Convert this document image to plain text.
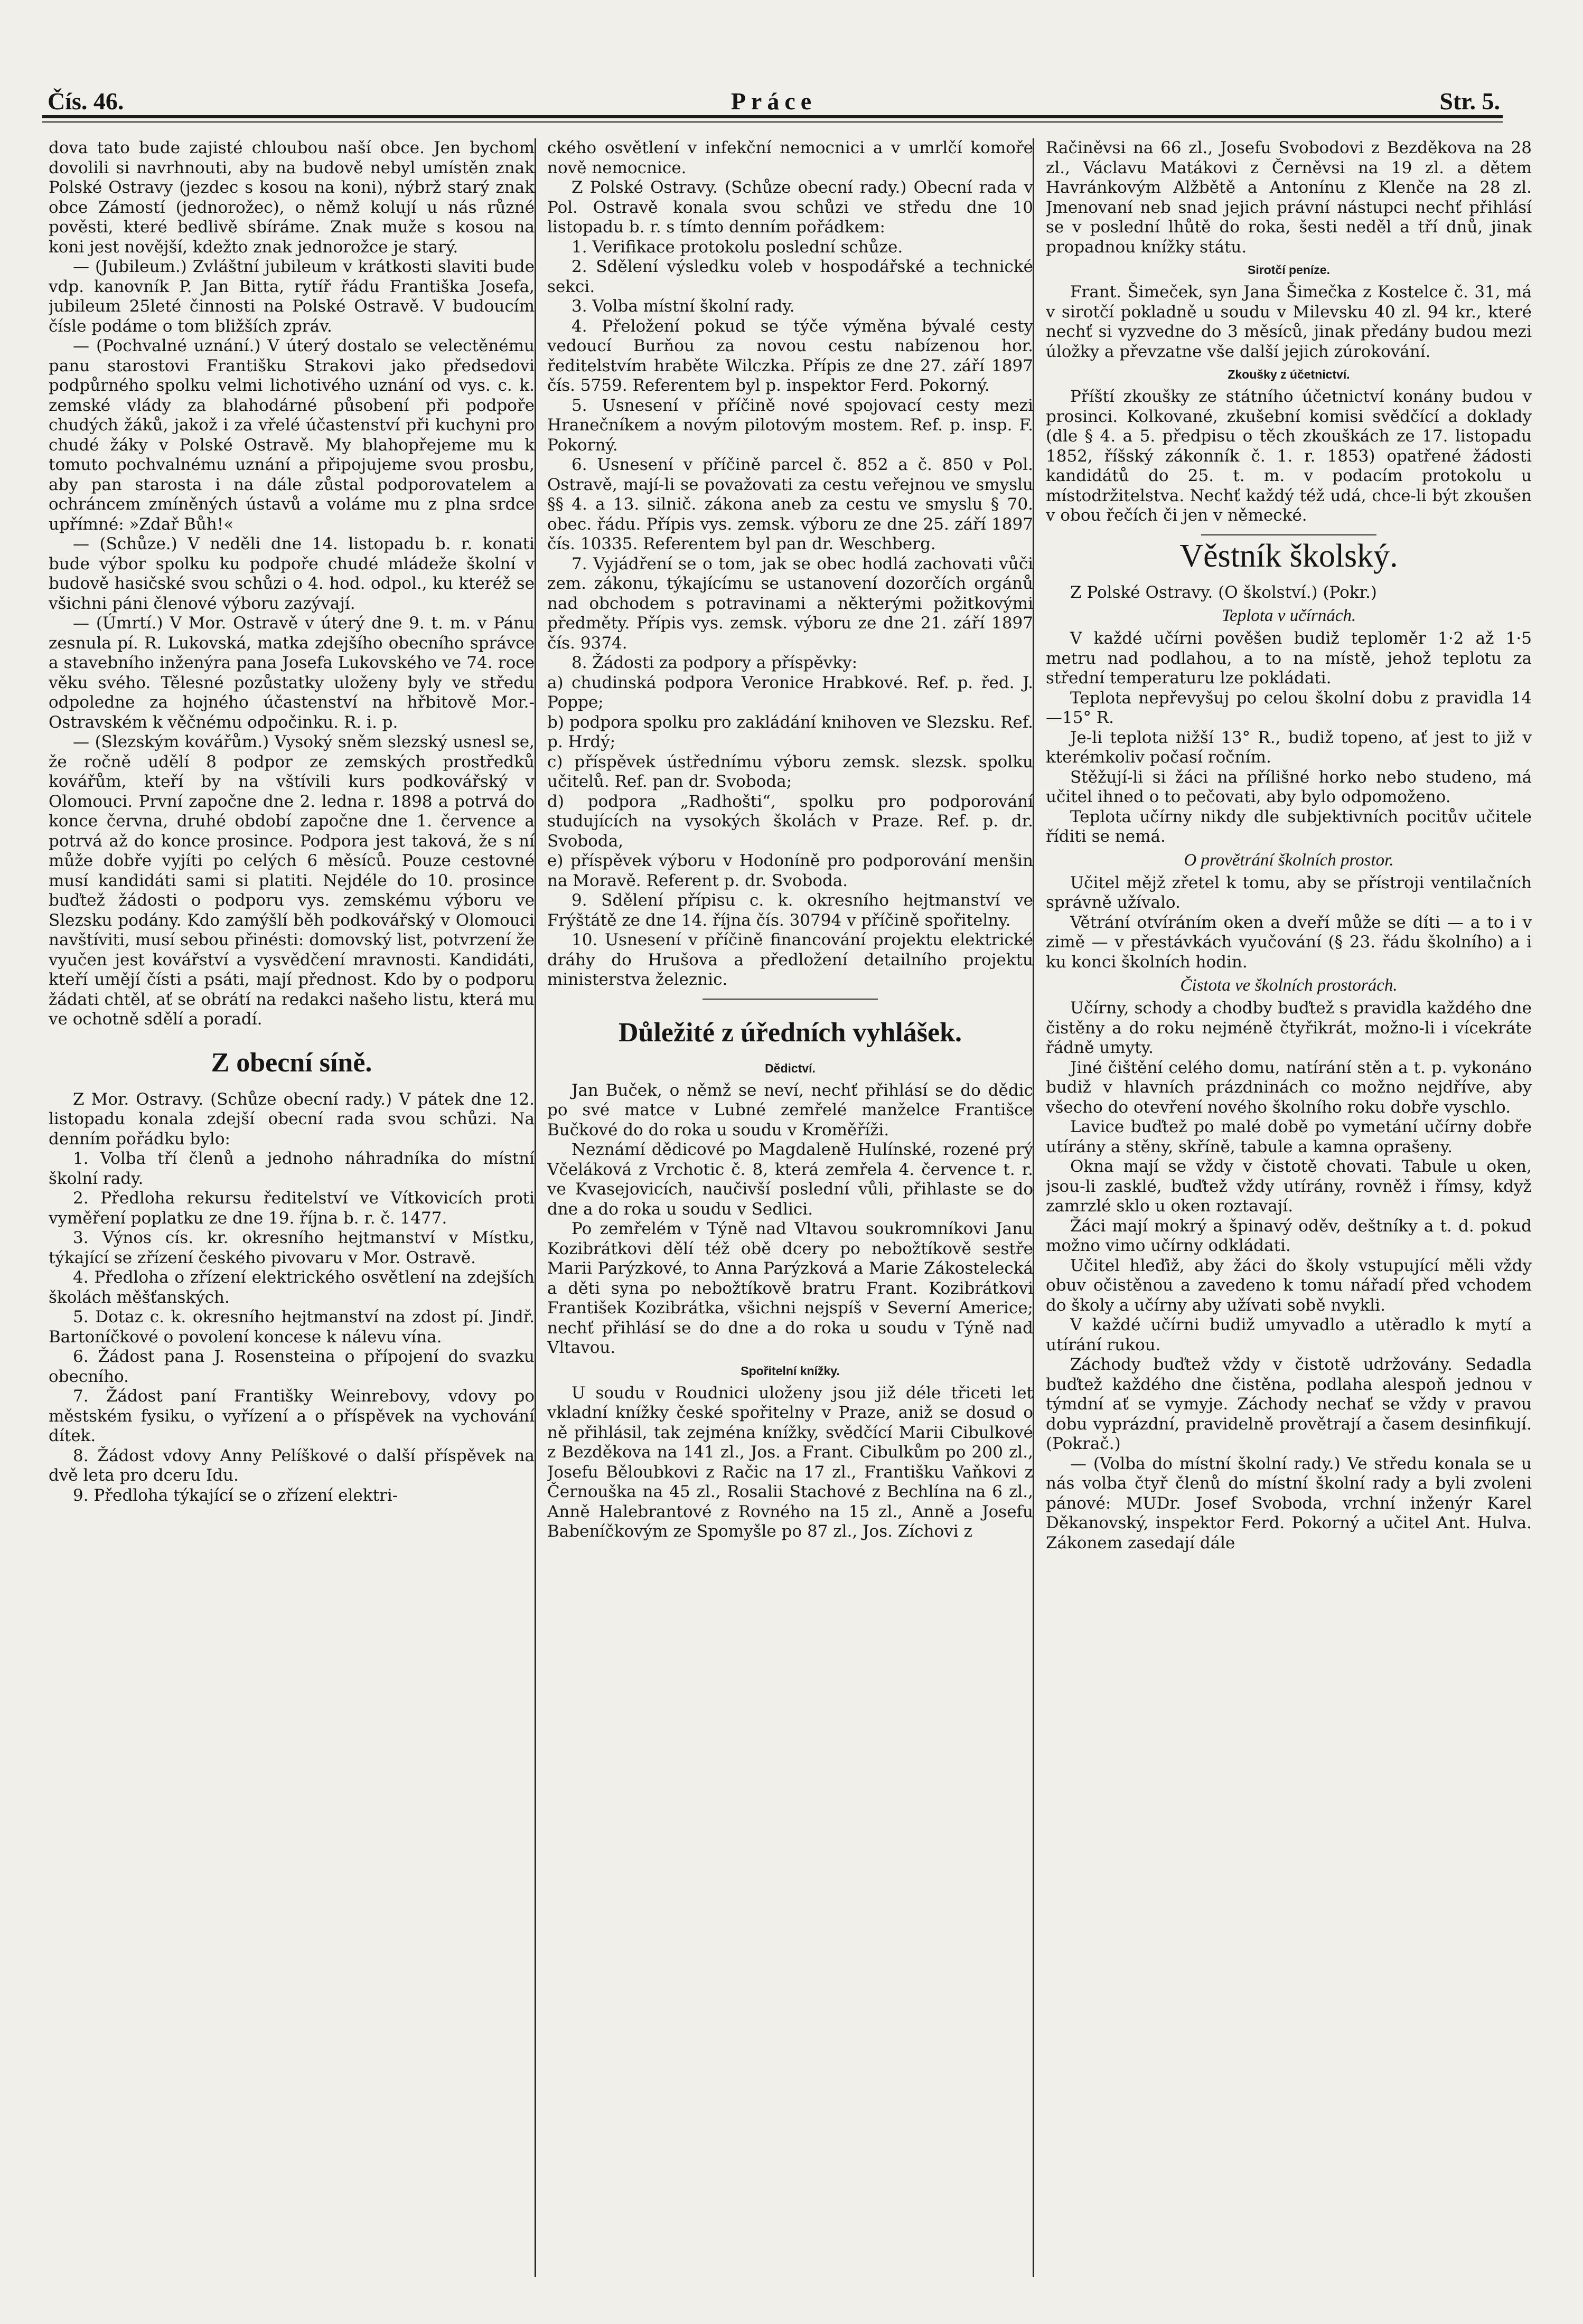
Čís. 46.	Práce	Str. 5.

dova tato bude zajisté chloubou naší obce. Jen bychom dovolili si navrhnouti, aby na budově nebyl umístěn znak Polské Ostravy (jezdec s kosou na koni), nýbrž starý znak obce Zámostí (jednorožec), o němž kolují u nás různé pověsti, které bedlivě sbíráme. Znak muže s kosou na koni jest novější, kdežto znak jednorožce je starý.

— (Jubileum.) Zvláštní jubileum v krátkosti slaviti bude vdp. kanovník P. Jan Bitta, rytíř řádu Františka Josefa, jubileum 25leté činnosti na Polské Ostravě. V budoucím čísle podáme o tom bližších zpráv.

— (Pochvalné uznání.) V úterý dostalo se velectěnému panu starostovi Františku Strakovi jako předsedovi podpůrného spolku velmi lichotivého uznání od vys. c. k. zemské vlády za blahodárné působení při podpoře chudých žáků, jakož i za vřelé účastenství při kuchyni pro chudé žáky v Polské Ostravě. My blahopřejeme mu k tomuto pochvalnému uznání a připojujeme svou prosbu, aby pan starosta i na dále zůstal podporovatelem a ochráncem zmíněných ústavů a voláme mu z plna srdce upřímné: »Zdař Bůh!«

— (Schůze.) V neděli dne 14. listopadu b. r. konati bude výbor spolku ku podpoře chudé mládeže školní v budově hasičské svou schůzi o 4. hod. odpol., ku kteréž se všichni páni členové výboru zazývají.

— (Úmrtí.) V Mor. Ostravě v úterý dne 9. t. m. v Pánu zesnula pí. R. Lukovská, matka zdejšího obecního správce a stavebního inženýra pana Josefa Lukovského ve 74. roce věku svého. Tělesné pozůstatky uloženy byly ve středu odpoledne za hojného účastenství na hřbitově Mor.-Ostravském k věčnému odpočinku. R. i. p.

— (Slezským kovářům.) Vysoký sněm slezský usnesl se, že ročně udělí 8 podpor ze zemských prostředků kovářům, kteří by na vštívili kurs podkovářský v Olomouci. První započne dne 2. ledna r. 1898 a potrvá do konce června, druhé období započne dne 1. července a potrvá až do konce prosince. Podpora jest taková, že s ní může dobře vyjíti po celých 6 měsíců. Pouze cestovné musí kandidáti sami si platiti. Nejdéle do 10. prosince buďtež žádosti o podporu vys. zemskému výboru ve Slezsku podány. Kdo zamýšlí běh podkovářský v Olomouci navštíviti, musí sebou přinésti: domovský list, potvrzení že vyučen jest kovářství a vysvědčení mravnosti. Kandidáti, kteří umějí čísti a psáti, mají přednost. Kdo by o podporu žádati chtěl, ať se obrátí na redakci našeho listu, která mu ve ochotně sdělí a poradí.

Z obecní síně.

Z Mor. Ostravy. (Schůze obecní rady.) V pátek dne 12. listopadu konala zdejší obecní rada svou schůzi. Na denním pořádku bylo:

1. Volba tří členů a jednoho náhradníka do místní školní rady.

2. Předloha rekursu ředitelství ve Vítkovicích proti vyměření poplatku ze dne 19. října b. r. č. 1477.

3. Výnos cís. kr. okresního hejtmanství v Místku, týkající se zřízení českého pivovaru v Mor. Ostravě.

4. Předloha o zřízení elektrického osvětlení na zdejších školách měšťanských.

5. Dotaz c. k. okresního hejtmanství na zdost pí. Jindř. Bartoníčkové o povolení koncese k nálevu vína.

6. Žádost pana J. Rosensteina o přípojení do svazku obecního.

7. Žádost paní Františky Weinrebovy, vdovy po městském fysiku, o vyřízení a o příspěvek na vychování dítek.

8. Žádost vdovy Anny Pelíškové o další příspěvek na dvě leta pro dceru Idu.

9. Předloha týkající se o zřízení elektri-

ckého osvětlení v infekční nemocnici a v umrlčí komoře nově nemocnice.

Z Polské Ostravy. (Schůze obecní rady.) Obecní rada v Pol. Ostravě konala svou schůzi ve středu dne 10 listopadu b. r. s tímto denním pořádkem:

1. Verifikace protokolu poslední schůze.

2. Sdělení výsledku voleb v hospodářské a technické sekci.

3. Volba místní školní rady.

4. Přeložení pokud se týče výměna bývalé cesty vedoucí Burňou za novou cestu nabízenou hor. ředitelstvím hraběte Wilczka. Přípis ze dne 27. září 1897 čís. 5759. Referentem byl p. inspektor Ferd. Pokorný.

5. Usnesení v příčině nové spojovací cesty mezi Hranečníkem a novým pilotovým mostem. Ref. p. insp. F. Pokorný.

6. Usnesení v příčině parcel č. 852 a č. 850 v Pol. Ostravě, mají-li se považovati za cestu veřejnou ve smyslu §§ 4. a 13. silnič. zákona aneb za cestu ve smyslu § 70. obec. řádu. Přípis vys. zemsk. výboru ze dne 25. září 1897 čís. 10335. Referentem byl pan dr. Weschberg.

7. Vyjádření se o tom, jak se obec hodlá zachovati vůči zem. zákonu, týkajícímu se ustanovení dozorčích orgánů nad obchodem s potravinami a některými požitkovými předměty. Přípis vys. zemsk. výboru ze dne 21. září 1897 čís. 9374.

8. Žádosti za podpory a příspěvky:

a) chudinská podpora Veronice Hrabkové. Ref. p. řed. J. Poppe;

b) podpora spolku pro zakládání knihoven ve Slezsku. Ref. p. Hrdý;

c) příspěvek ústřednímu výboru zemsk. slezsk. spolku učitelů. Ref. pan dr. Svoboda;

d) podpora „Radhošti“, spolku pro podporování studujících na vysokých školách v Praze. Ref. p. dr. Svoboda,

e) příspěvek výboru v Hodoníně pro podporování menšin na Moravě. Referent p. dr. Svoboda.

9. Sdělení přípisu c. k. okresního hejtmanství ve Frýštátě ze dne 14. října čís. 30794 v příčině spořitelny.

10. Usnesení v příčině financování projektu elektrické dráhy do Hrušova a předložení detailního projektu ministerstva železnic.

Důležité z úředních vyhlášek.
Dědictví.

Jan Buček, o němž se neví, nechť přihlásí se do dědic po své matce v Lubné zemřelé manželce Františce Bučkové do do roka u soudu v Kroměříži.

Neznámí dědicové po Magdaleně Hulínské, rozené prý Včeláková z Vrchotic č. 8, která zemřela 4. července t. r. ve Kvasejovicích, naučivší poslední vůli, přihlaste se do dne a do roka u soudu v Sedlici.

Po zemřelém v Týně nad Vltavou soukromníkovi Janu Kozibrátkovi dělí též obě dcery po nebožtíkově sestře Marii Parýzkové, to Anna Parýzková a Marie Zákostelecká a děti syna po nebožtíkově bratru Frant. Kozibrátkovi František Kozibrátka, všichni nejspíš v Severní Americe; nechť přihlásí se do dne a do roka u soudu v Týně nad Vltavou.

Spořitelní knížky.

U soudu v Roudnici uloženy jsou již déle třiceti let vkladní knížky české spořitelny v Praze, aniž se dosud o ně přihlásil, tak zejména knížky, svědčící Marii Cibulkové z Bezděkova na 141 zl., Jos. a Frant. Cibulkům po 200 zl., Josefu Běloubkovi z Račic na 17 zl., Františku Vaňkovi z Černouška na 45 zl., Rosalii Stachové z Bechlína na 6 zl., Anně Halebrantové z Rovného na 15 zl., Anně a Josefu Babeníčkovým ze Spomyšle po 87 zl., Jos. Zíchovi z

Račiněvsi na 66 zl., Josefu Svobodovi z Bezděkova na 28 zl., Václavu Matákovi z Černěvsi na 19 zl. a dětem Havránkovým Alžbětě a Antonínu z Klenče na 28 zl. Jmenovaní neb snad jejich právní nástupci nechť přihlásí se v poslední lhůtě do roka, šesti neděl a tří dnů, jinak propadnou knížky státu.

Sirotčí peníze.

Frant. Šimeček, syn Jana Šimečka z Kostelce č. 31, má v sirotčí pokladně u soudu v Milevsku 40 zl. 94 kr., které nechť si vyzvedne do 3 měsíců, jinak předány budou mezi úložky a převzatne vše další jejich zúrokování.

Zkoušky z účetnictví.

Příští zkoušky ze státního účetnictví konány budou v prosinci. Kolkované, zkušební komisi svědčící a doklady (dle § 4. a 5. předpisu o těch zkouškách ze 17. listopadu 1852, říšský zákonník č. 1. r. 1853) opatřené žádosti kandidátů do 25. t. m. v podacím protokolu u místodržitelstva. Nechť každý též udá, chce-li být zkoušen v obou řečích či jen v německé.

Věstník školský.

Z Polské Ostravy. (O školství.) (Pokr.)

Teplota v učírnách.

V každé učírni pověšen budiž teploměr 1·2 až 1·5 metru nad podlahou, a to na místě, jehož teplotu za střední temperaturu lze pokládati.

Teplota nepřevyšuj po celou školní dobu z pravidla 14—15° R.

Je-li teplota nižší 13° R., budiž topeno, ať jest to již v kterémkoliv počasí ročním.

Stěžují-li si žáci na přílišné horko nebo studeno, má učitel ihned o to pečovati, aby bylo odpomoženo.

Teplota učírny nikdy dle subjektivních pocitův učitele říditi se nemá.

O provětrání školních prostor.

Učitel mějž zřetel k tomu, aby se přístroji ventilačních správně užívalo.

Větrání otvíráním oken a dveří může se díti — a to i v zimě — v přestávkách vyučování (§ 23. řádu školního) a i ku konci školních hodin.

Čistota ve školních prostorách.

Učírny, schody a chodby buďtež s pravidla každého dne čistěny a do roku nejméně čtyřikrát, možno-li i vícekráte řádně umyty.

Jiné čištění celého domu, natírání stěn a t. p. vykonáno budiž v hlavních prázdninách co možno nejdříve, aby všecho do otevření nového školního roku dobře vyschlo.

Lavice buďtež po malé době po vymetání učírny dobře utírány a stěny, skříně, tabule a kamna oprašeny.

Okna mají se vždy v čistotě chovati. Tabule u oken, jsou-li zasklé, buďtež vždy utírány, rovněž i římsy, když zamrzlé sklo u oken roztavají.

Žáci mají mokrý a špinavý oděv, deštníky a t. d. pokud možno vimo učírny odkládati.

Učitel hleďiž, aby žáci do školy vstupující měli vždy obuv očistěnou a zavedeno k tomu nářadí před vchodem do školy a učírny aby užívati sobě nvykli.

V každé učírni budiž umyvadlo a utěradlo k mytí a utírání rukou.

Záchody buďtež vždy v čistotě udržovány. Sedadla buďtež každého dne čistěna, podlaha alespoň jednou v týmdní ať se vymyje. Záchody nechať se vždy v pravou dobu vyprázdní, pravidelně provětrají a časem desinfikují. (Pokrač.)

— (Volba do místní školní rady.) Ve středu konala se u nás volba čtyř členů do místní školní rady a byli zvoleni pánové: MUDr. Josef Svoboda, vrchní inženýr Karel Děkanovský, inspektor Ferd. Pokorný a učitel Ant. Hulva. Zákonem zasedají dále
